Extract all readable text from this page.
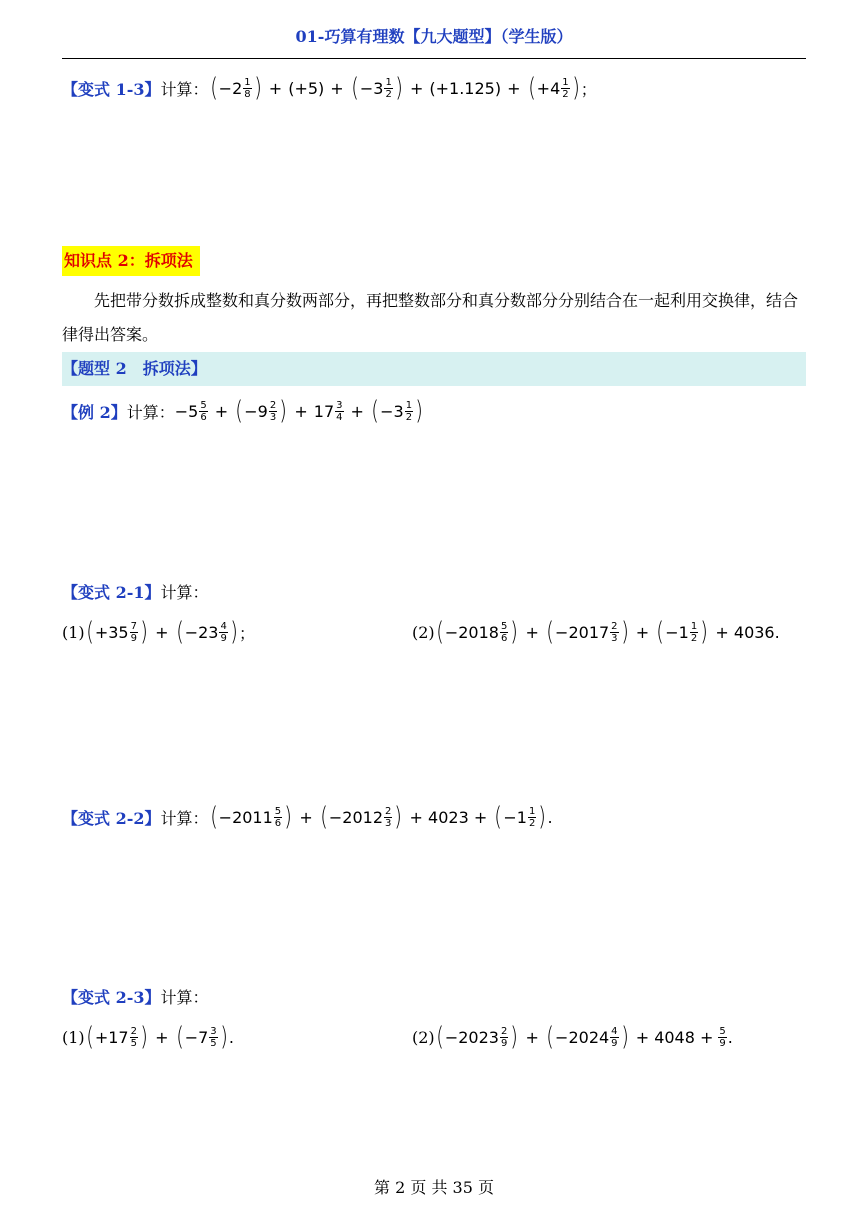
01-巧算有理数【九大题型】（学生版）
【变式 1-3】 计算： ( $-2 \frac{1}{8}$ ) + (+5) + ( $-3 \frac{1}{2}$ ) + (+1.125) + ( $+4 \frac{1}{2}$ ) ；
知识点 2：拆项法
先把带分数拆成整数和真分数两部分，再把整数部分和真分数部分分别结合在一起利用交换律，结合律得出答案。
【题型 2　拆项法】
【例 2】 计算： $-5 \frac{5}{6}$ + ( $-9 \frac{2}{3}$ ) + $17 \frac{3}{4}$ + ( $-3 \frac{1}{2}$ )
【变式 2-1】 计算：
(1) ( $+35 \frac{7}{9}$ ) + ( $-23 \frac{4}{9}$ ) ；	(2) ( $-2018 \frac{5}{6}$ ) + ( $-2017 \frac{2}{3}$ ) + ( $-1 \frac{1}{2}$ ) + 4036.
【变式 2-2】 计算： ( $-2011 \frac{5}{6}$ ) + ( $-2012 \frac{2}{3}$ ) + 4023 + ( $-1 \frac{1}{2}$ ) .
【变式 2-3】 计算：
(1) ( $+17 \frac{2}{5}$ ) + ( $-7 \frac{3}{5}$ ) .	(2) ( $-2023 \frac{2}{9}$ ) + ( $-2024 \frac{4}{9}$ ) + $4048 + \frac{5}{9}$ .
第 2 页 共 35 页
